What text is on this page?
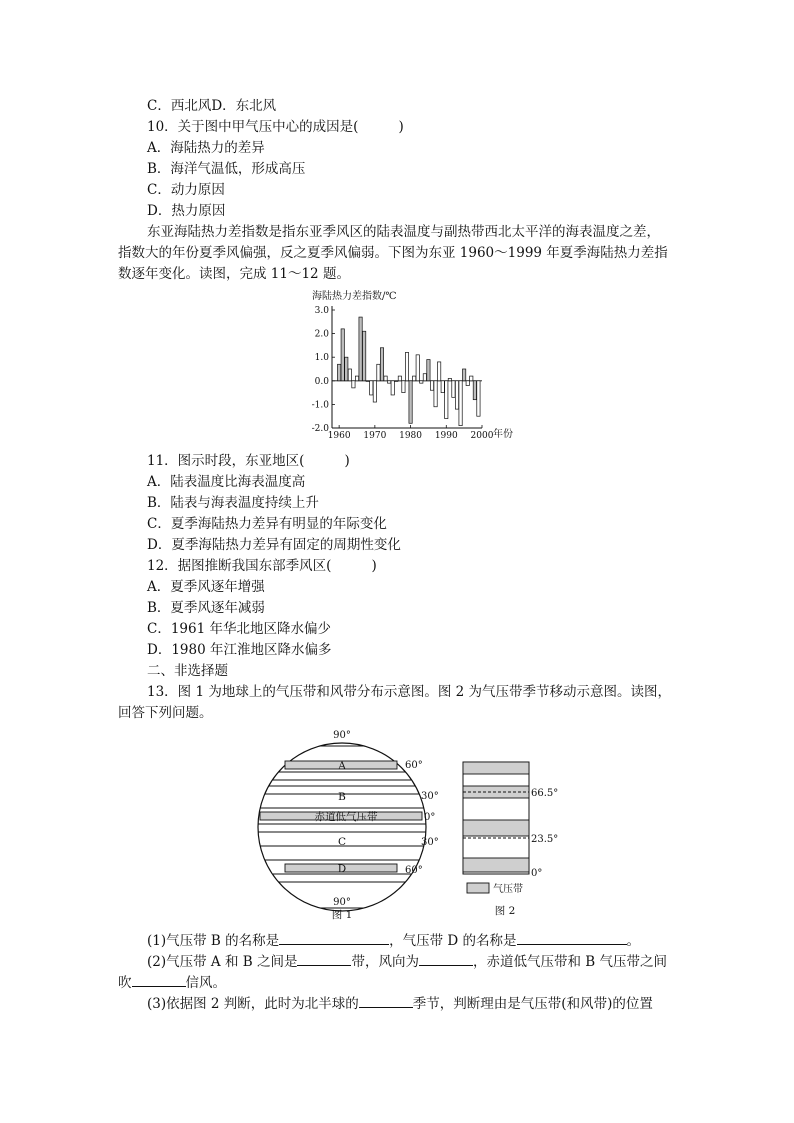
C．西北风D．东北风
10．关于图中甲气压中心的成因是(	)
A．海陆热力的差异
B．海洋气温低，形成高压
C．动力原因
D．热力原因
东亚海陆热力差指数是指东亚季风区的陆表温度与副热带西北太平洋的海表温度之差，
指数大的年份夏季风偏强，反之夏季风偏弱。下图为东亚 1960～1999 年夏季海陆热力差指
数逐年变化。读图，完成 11～12 题。
海陆热力差指数/℃
年份
3.0
2.0
1.0
0.0
-1.0
-2.0
1960 1970 1980 1990 2000
11．图示时段，东亚地区(	)
A．陆表温度比海表温度高
B．陆表与海表温度持续上升
C．夏季海陆热力差异有明显的年际变化
D．夏季海陆热力差异有固定的周期性变化
12．据图推断我国东部季风区(	)
A．夏季风逐年增强
B．夏季风逐年减弱
C．1961 年华北地区降水偏少
D．1980 年江淮地区降水偏多
二、非选择题
13．图 1 为地球上的气压带和风带分布示意图。图 2 为气压带季节移动示意图。读图，
回答下列问题。
90°
A
B
赤道低气压带
C
D
60°
30°
0°
30°
60°
90°
图 1
66.5°
23.5°
0°
气压带
图 2
(1)气压带 B 的名称是	，气压带 D 的名称是	。
(2)气压带 A 和 B 之间是	带，风向为	，赤道低气压带和 B 气压带之间
吹	信风。
(3)依据图 2 判断，此时为北半球的	季节，判断理由是气压带(和风带)的位置
